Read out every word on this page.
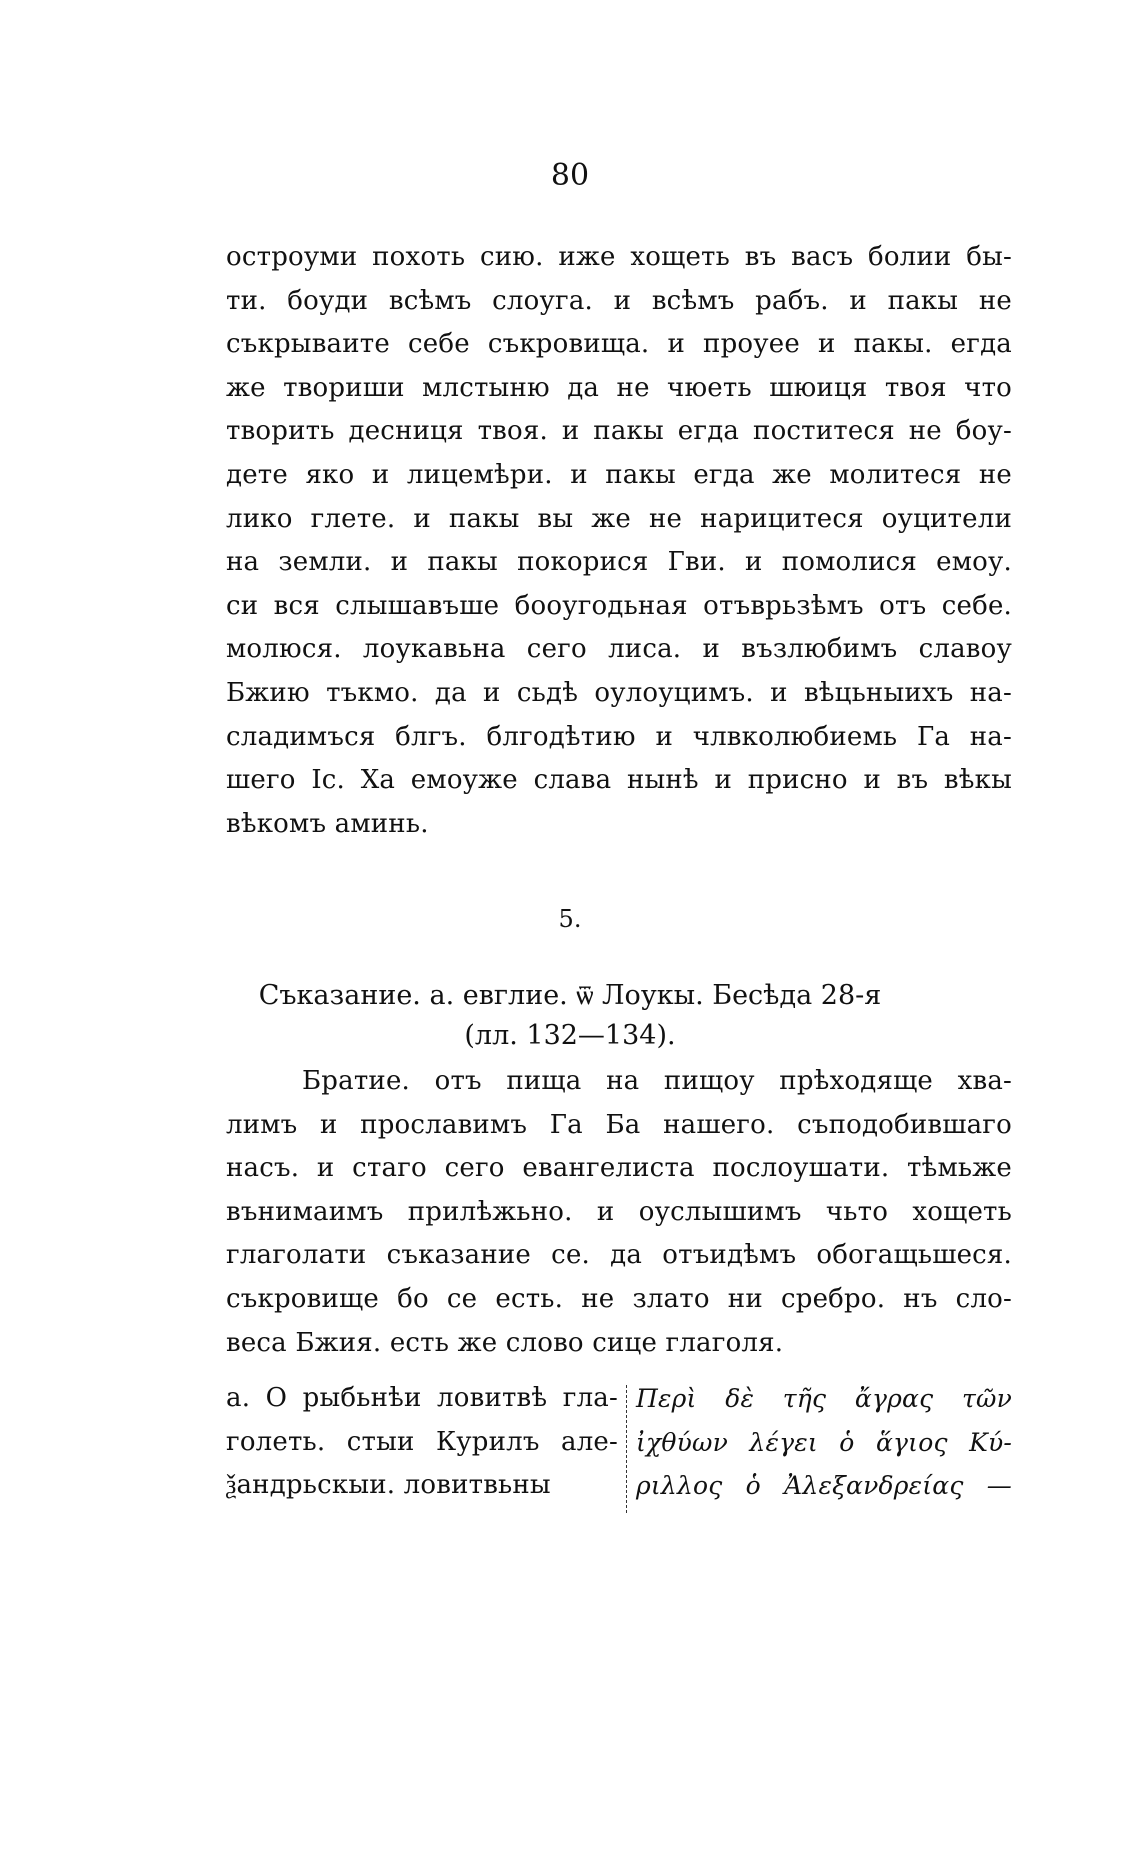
80
остроуми похоть сию. иже хощеть въ васъ болии бы-
ти. боуди всѣмъ слоуга. и всѣмъ рабъ. и пакы не
съкрываите себе съкровища. и проуее и пакы. егда
же твориши млстыню да не чюеть шюиця твоя что
творить десниця твоя. и пакы егда поститеся не боу-
дете яко и лицемѣри. и пакы егда же молитеся не
лико глете. и пакы вы же не нарицитеся оуцители
на земли. и пакы покорися Гви. и помолися емоу.
си вся слышавъше бооугодьная отъврьзѣмъ отъ себе.
молюся. лоукавьна сего лиса. и възлюбимъ славоу
Бжию тъкмо. да и сьдѣ оулоуцимъ. и вѣцьныихъ на-
сладимъся блгъ. блгодѣтию и члвколюбиемь Га на-
шего Іс. Ха емоуже слава нынѣ и присно и въ вѣкы
вѣкомъ аминь.
5.
Съказание. а. евглие. ѿ Лоукы. Бесѣда 28-я
(лл. 132—134).
Братие. отъ пища на пищоу прѣходяще хва-
лимъ и прославимъ Га Ба нашего. съподобившаго
насъ. и стаго сего евангелиста послоушати. тѣмьже
вънимаимъ прилѣжьно. и оуслышимъ чьто хощеть
глаголати съказание се. да отъидѣмъ обогащьшеся.
съкровище бо се есть. не злато ни сребро. нъ сло-
веса Бжия. есть же слово сице глаголя.
а. О рыбьнѣи ловитвѣ гла-
голеть. стыи Курилъ але-
ѯандрьскыи. ловитвьны
Περὶ δὲ τῆς ἄγρας τῶν
ἰχθύων λέγει ὁ ἅγιος Κύ-
ριλλος ὁ Ἀλεξανδρείας —
